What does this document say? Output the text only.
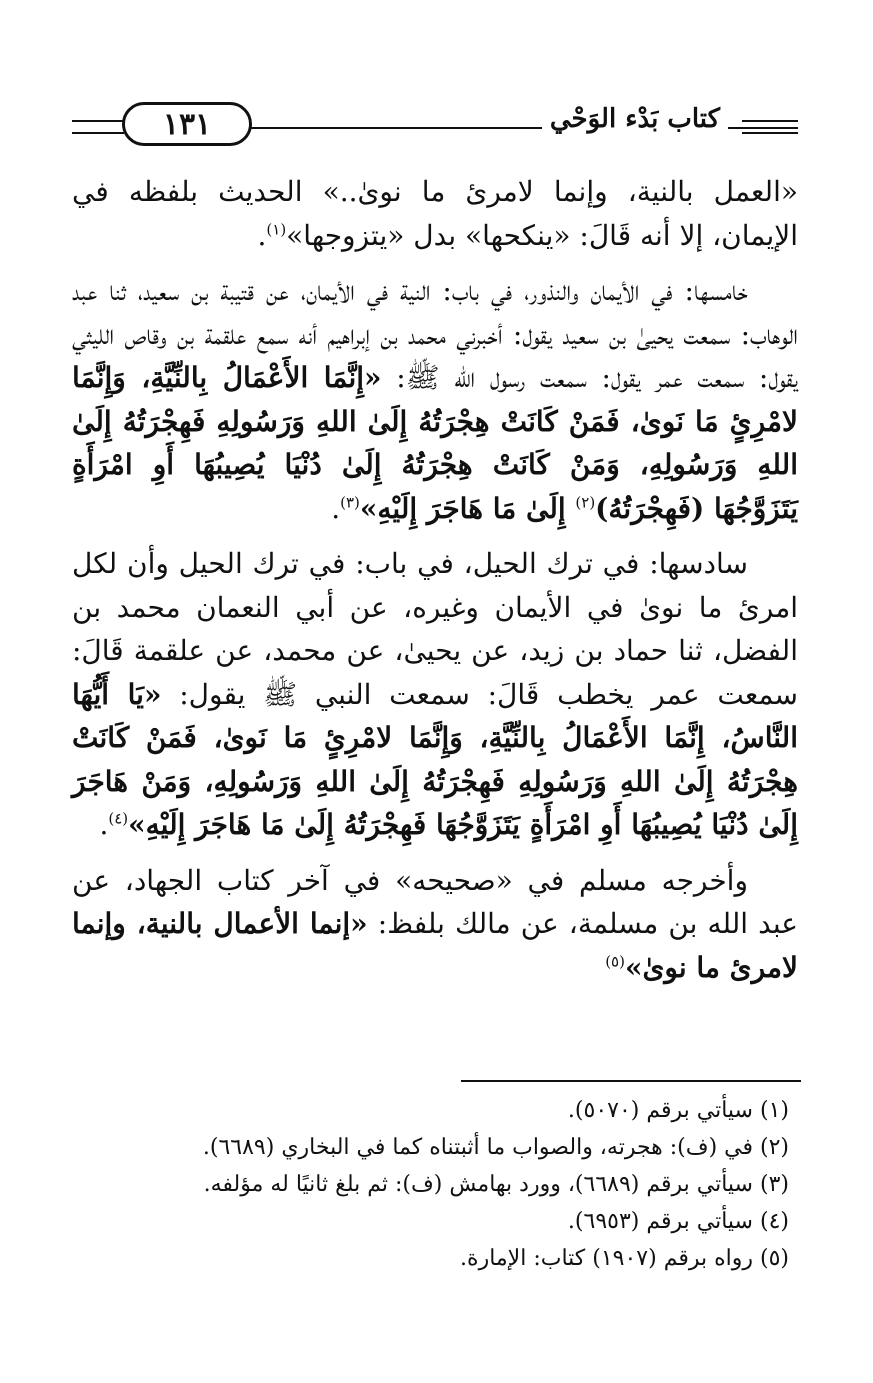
١٣١	كتاب بَدْء الوَحْي

«العمل بالنية، وإنما لامرئ ما نوىٰ..» الحديث بلفظه في الإيمان، إلا أنه قَالَ: «ينكحها» بدل «يتزوجها»$^{(١)}$.

خامسها: في الأيمان والنذور، في باب: النية في الأيمان، عن قتيبة بن سعيد، ثنا عبد الوهاب: سمعت يحيىٰ بن سعيد يقول: أخبرني محمد بن إبراهيم أنه سمع علقمة بن وقاص الليثي يقول: سمعت عمر يقول: سمعت رسول الله ﷺ: «إِنَّمَا الأَعْمَالُ بِالنِّيَّةِ، وَإِنَّمَا لامْرِئٍ مَا نَوىٰ، فَمَنْ كَانَتْ هِجْرَتُهُ إِلَىٰ اللهِ وَرَسُولِهِ فَهِجْرَتُهُ إِلَىٰ اللهِ وَرَسُولِهِ، وَمَنْ كَانَتْ هِجْرَتُهُ إِلَىٰ دُنْيَا يُصِيبُهَا أَوِ امْرَأَةٍ يَتَزَوَّجُهَا (فَهِجْرَتُهُ)$^{(٢)}$ إِلَىٰ مَا هَاجَرَ إِلَيْهِ»$^{(٣)}$.

سادسها: في ترك الحيل، في باب: في ترك الحيل وأن لكل امرئ ما نوىٰ في الأيمان وغيره، عن أبي النعمان محمد بن الفضل، ثنا حماد بن زيد، عن يحيىٰ، عن محمد، عن علقمة قَالَ: سمعت عمر يخطب قَالَ: سمعت النبي ﷺ يقول: «يَا أَيُّهَا النَّاسُ، إِنَّمَا الأَعْمَالُ بِالنِّيَّةِ، وَإِنَّمَا لامْرِئٍ مَا نَوىٰ، فَمَنْ كَانَتْ هِجْرَتُهُ إِلَىٰ اللهِ وَرَسُولِهِ فَهِجْرَتُهُ إِلَىٰ اللهِ وَرَسُولِهِ، وَمَنْ هَاجَرَ إِلَىٰ دُنْيَا يُصِيبُهَا أَوِ امْرَأَةٍ يَتَزَوَّجُهَا فَهِجْرَتُهُ إِلَىٰ مَا هَاجَرَ إِلَيْهِ»$^{(٤)}$.

وأخرجه مسلم في «صحيحه» في آخر كتاب الجهاد، عن عبد الله بن مسلمة، عن مالك بلفظ: «إنما الأعمال بالنية، وإنما لامرئ ما نوىٰ»$^{(٥)}$

(١) سيأتي برقم (٥٠٧٠).
(٢) في (ف): هجرته، والصواب ما أثبتناه كما في البخاري (٦٦٨٩).
(٣) سيأتي برقم (٦٦٨٩)، وورد بهامش (ف): ثم بلغ ثانيًا له مؤلفه.
(٤) سيأتي برقم (٦٩٥٣).
(٥) رواه برقم (١٩٠٧) كتاب: الإمارة.
